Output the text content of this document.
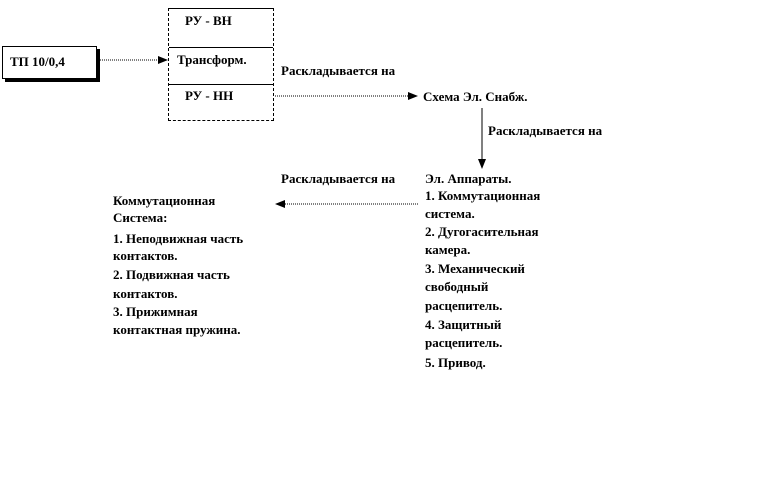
ТП 10/0,4
РУ - ВН
Трансформ.
РУ - НН
Раскладывается на
Раскладывается на
Раскладывается на
Схема Эл. Снабж.
Эл. Аппараты.
1. Коммутационная
система.
2. Дугогасительная
камера.
3. Механический
свободный
расцепитель.
4. Защитный
расцепитель.
5. Привод.
Коммутационная
Система:
1. Неподвижная часть
контактов.
2. Подвижная часть
контактов.
3. Прижимная
контактная пружина.
